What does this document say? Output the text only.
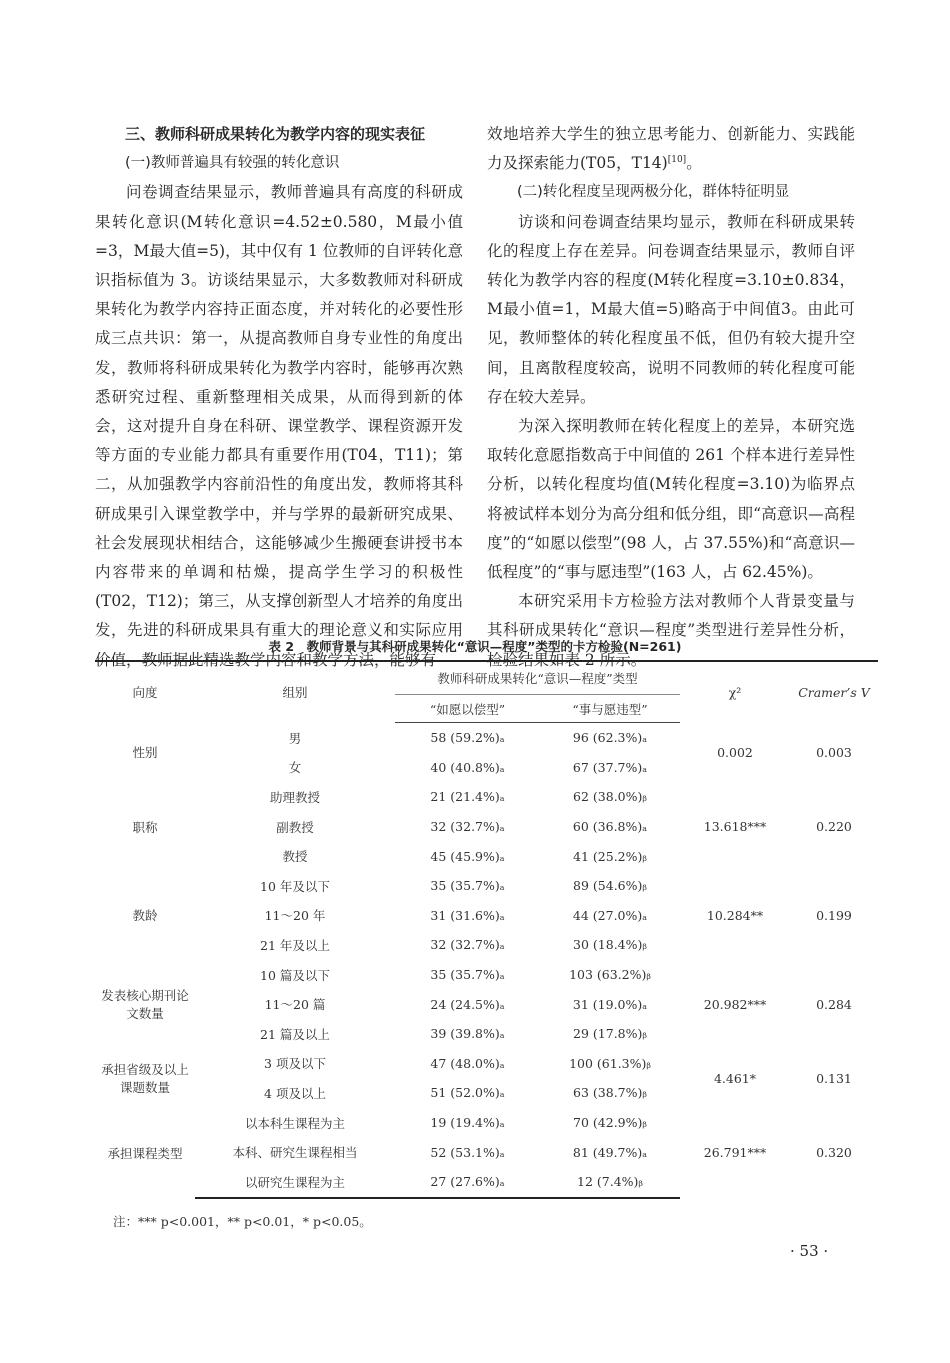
三、教师科研成果转化为教学内容的现实表征

(一)教师普遍具有较强的转化意识

问卷调查结果显示，教师普遍具有高度的科研成果转化意识(M转化意识=4.52±0.580，M最小值=3，M最大值=5)，其中仅有 1 位教师的自评转化意识指标值为 3。访谈结果显示，大多数教师对科研成果转化为教学内容持正面态度，并对转化的必要性形成三点共识：第一，从提高教师自身专业性的角度出发，教师将科研成果转化为教学内容时，能够再次熟悉研究过程、重新整理相关成果，从而得到新的体会，这对提升自身在科研、课堂教学、课程资源开发等方面的专业能力都具有重要作用(T04，T11)；第二，从加强教学内容前沿性的角度出发，教师将其科研成果引入课堂教学中，并与学界的最新研究成果、社会发展现状相结合，这能够减少生搬硬套讲授书本内容带来的单调和枯燥，提高学生学习的积极性(T02，T12)；第三，从支撑创新型人才培养的角度出发，先进的科研成果具有重大的理论意义和实际应用价值，教师据此精选教学内容和教学方法，能够有

效地培养大学生的独立思考能力、创新能力、实践能力及探索能力(T05，T14)[10]。

(二)转化程度呈现两极分化，群体特征明显

访谈和问卷调查结果均显示，教师在科研成果转化的程度上存在差异。问卷调查结果显示，教师自评转化为教学内容的程度(M转化程度=3.10±0.834，M最小值=1，M最大值=5)略高于中间值3。由此可见，教师整体的转化程度虽不低，但仍有较大提升空间，且离散程度较高，说明不同教师的转化程度可能存在较大差异。

为深入探明教师在转化程度上的差异，本研究选取转化意愿指数高于中间值的 261 个样本进行差异性分析，以转化程度均值(M转化程度=3.10)为临界点将被试样本划分为高分组和低分组，即“高意识—高程度”的“如愿以偿型”(98 人，占 37.55%)和“高意识—低程度”的“事与愿违型”(163 人，占 62.45%)。

本研究采用卡方检验方法对教师个人背景变量与其科研成果转化“意识—程度”类型进行差异性分析，检验结果如表 2 所示。

表 2　教师背景与其科研成果转化“意识—程度”类型的卡方检验(N=261)
向度	组别	教师科研成果转化“意识—程度”类型		χ²	Cramer’s V
		“如愿以偿型”	“事与愿违型”		
性别	男	58 (59.2%)ₐ	96 (62.3%)ₐ	0.002	0.003
	女	40 (40.8%)ₐ	67 (37.7%)ₐ		
职称	助理教授	21 (21.4%)ₐ	62 (38.0%)ᵦ	13.618***	0.220
	副教授	32 (32.7%)ₐ	60 (36.8%)ₐ		
	教授	45 (45.9%)ₐ	41 (25.2%)ᵦ		
教龄	10 年及以下	35 (35.7%)ₐ	89 (54.6%)ᵦ	10.284**	0.199
	11～20 年	31 (31.6%)ₐ	44 (27.0%)ₐ		
	21 年及以上	32 (32.7%)ₐ	30 (18.4%)ᵦ		
发表核心期刊论文数量	10 篇及以下	35 (35.7%)ₐ	103 (63.2%)ᵦ	20.982***	0.284
	11～20 篇	24 (24.5%)ₐ	31 (19.0%)ₐ		
	21 篇及以上	39 (39.8%)ₐ	29 (17.8%)ᵦ		
承担省级及以上课题数量	3 项及以下	47 (48.0%)ₐ	100 (61.3%)ᵦ	4.461*	0.131
	4 项及以上	51 (52.0%)ₐ	63 (38.7%)ᵦ		
承担课程类型	以本科生课程为主	19 (19.4%)ₐ	70 (42.9%)ᵦ	26.791***	0.320
	本科、研究生课程相当	52 (53.1%)ₐ	81 (49.7%)ₐ		
	以研究生课程为主	27 (27.6%)ₐ	12 (7.4%)ᵦ		
注：*** p<0.001，** p<0.01，* p<0.05。
· 53 ·
